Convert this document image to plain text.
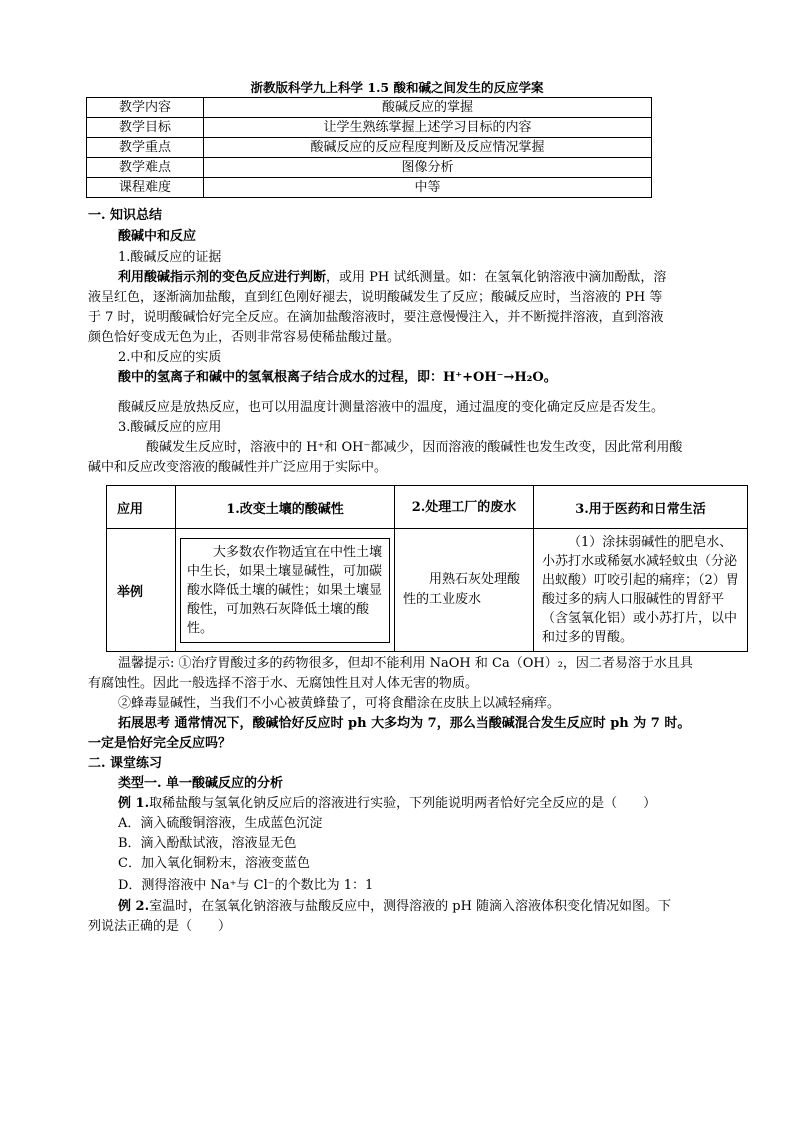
浙教版科学九上科学 1.5 酸和碱之间发生的反应学案
教学内容	酸碱反应的掌握
教学目标	让学生熟练掌握上述学习目标的内容
教学重点	酸碱反应的反应程度判断及反应情况掌握
教学难点	图像分析
课程难度	中等
一. 知识总结
酸碱中和反应
1.酸碱反应的证据
利用酸碱指示剂的变色反应进行判断，或用 PH 试纸测量。如：在氢氧化钠溶液中滴加酚酞，溶
液呈红色，逐渐滴加盐酸，直到红色刚好褪去，说明酸碱发生了反应；酸碱反应时，当溶液的 PH 等
于 7 时，说明酸碱恰好完全反应。在滴加盐酸溶液时，要注意慢慢注入，并不断搅拌溶液，直到溶液
颜色恰好变成无色为止，否则非常容易使稀盐酸过量。
2.中和反应的实质
酸中的氢离子和碱中的氢氧根离子结合成水的过程，即：H⁺+OH⁻→H₂O。
酸碱反应是放热反应，也可以用温度计测量溶液中的温度，通过温度的变化确定反应是否发生。
3.酸碱反应的应用
酸碱发生反应时，溶液中的 H⁺和 OH⁻都减少，因而溶液的酸碱性也发生改变，因此常利用酸
碱中和反应改变溶液的酸碱性并广泛应用于实际中。
应用	1.改变土壤的酸碱性	2.处理工厂的废水	3.用于医药和日常生活
举例	大多数农作物适宜在中性土壤中生长，如果土壤显碱性，可加碳酸水降低土壤的碱性；如果土壤显酸性，可加熟石灰降低土壤的酸性。	用熟石灰处理酸性的工业废水	（1）涂抹弱碱性的肥皂水、小苏打水或稀氨水减轻蚊虫（分泌出蚁酸）叮咬引起的痛痒；（2）胃酸过多的病人口服碱性的胃舒平（含氢氧化铝）或小苏打片，以中和过多的胃酸。
温馨提示: ①治疗胃酸过多的药物很多，但却不能利用 NaOH 和 Ca（OH）₂，因二者易溶于水且具
有腐蚀性。因此一般选择不溶于水、无腐蚀性且对人体无害的物质。
②蜂毒显碱性，当我们不小心被黄蜂蛰了，可将食醋涂在皮肤上以减轻痛痒。
拓展思考 通常情况下，酸碱恰好反应时 ph 大多均为 7，那么当酸碱混合发生反应时 ph 为 7 时。
一定是恰好完全反应吗？
二. 课堂练习
类型一. 单一酸碱反应的分析
例 1.取稀盐酸与氢氧化钠反应后的溶液进行实验，下列能说明两者恰好完全反应的是（　　）
A．滴入硫酸铜溶液，生成蓝色沉淀
B．滴入酚酞试液，溶液显无色
C．加入氧化铜粉末，溶液变蓝色
D．测得溶液中 Na⁺与 Cl⁻的个数比为 1：1
例 2.室温时，在氢氧化钠溶液与盐酸反应中，测得溶液的 pH 随滴入溶液体积变化情况如图。下
列说法正确的是（　　）
